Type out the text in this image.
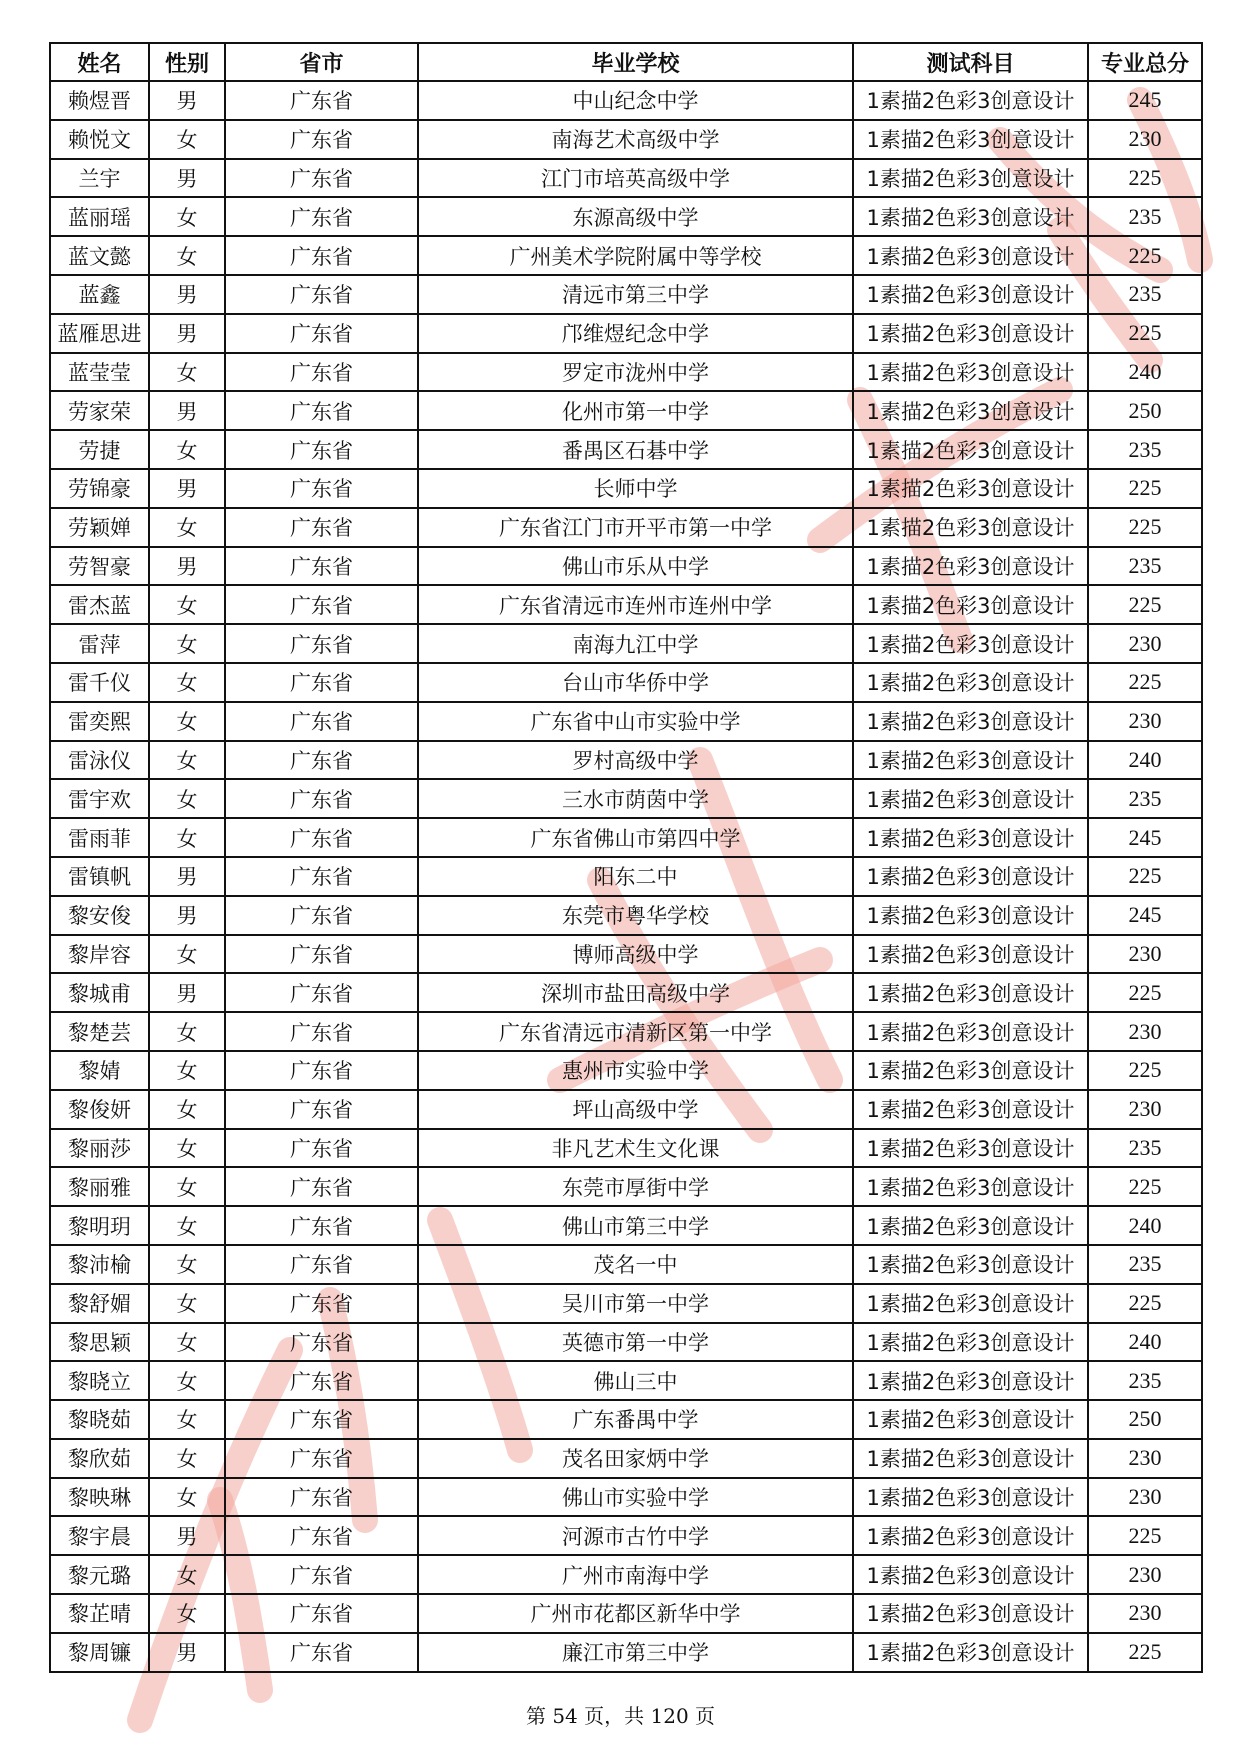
姓名	性别	省市	毕业学校	测试科目	专业总分
赖煜晋	男	广东省	中山纪念中学	1素描2色彩3创意设计	245
赖悦文	女	广东省	南海艺术高级中学	1素描2色彩3创意设计	230
兰宇	男	广东省	江门市培英高级中学	1素描2色彩3创意设计	225
蓝丽瑶	女	广东省	东源高级中学	1素描2色彩3创意设计	235
蓝文懿	女	广东省	广州美术学院附属中等学校	1素描2色彩3创意设计	225
蓝鑫	男	广东省	清远市第三中学	1素描2色彩3创意设计	235
蓝雁思进	男	广东省	邝维煜纪念中学	1素描2色彩3创意设计	225
蓝莹莹	女	广东省	罗定市泷州中学	1素描2色彩3创意设计	240
劳家荣	男	广东省	化州市第一中学	1素描2色彩3创意设计	250
劳捷	女	广东省	番禺区石碁中学	1素描2色彩3创意设计	235
劳锦豪	男	广东省	长师中学	1素描2色彩3创意设计	225
劳颖婵	女	广东省	广东省江门市开平市第一中学	1素描2色彩3创意设计	225
劳智豪	男	广东省	佛山市乐从中学	1素描2色彩3创意设计	235
雷杰蓝	女	广东省	广东省清远市连州市连州中学	1素描2色彩3创意设计	225
雷萍	女	广东省	南海九江中学	1素描2色彩3创意设计	230
雷千仪	女	广东省	台山市华侨中学	1素描2色彩3创意设计	225
雷奕熙	女	广东省	广东省中山市实验中学	1素描2色彩3创意设计	230
雷泳仪	女	广东省	罗村高级中学	1素描2色彩3创意设计	240
雷宇欢	女	广东省	三水市荫茵中学	1素描2色彩3创意设计	235
雷雨菲	女	广东省	广东省佛山市第四中学	1素描2色彩3创意设计	245
雷镇帆	男	广东省	阳东二中	1素描2色彩3创意设计	225
黎安俊	男	广东省	东莞市粤华学校	1素描2色彩3创意设计	245
黎岸容	女	广东省	博师高级中学	1素描2色彩3创意设计	230
黎城甫	男	广东省	深圳市盐田高级中学	1素描2色彩3创意设计	225
黎楚芸	女	广东省	广东省清远市清新区第一中学	1素描2色彩3创意设计	230
黎婧	女	广东省	惠州市实验中学	1素描2色彩3创意设计	225
黎俊妍	女	广东省	坪山高级中学	1素描2色彩3创意设计	230
黎丽莎	女	广东省	非凡艺术生文化课	1素描2色彩3创意设计	235
黎丽雅	女	广东省	东莞市厚街中学	1素描2色彩3创意设计	225
黎明玥	女	广东省	佛山市第三中学	1素描2色彩3创意设计	240
黎沛榆	女	广东省	茂名一中	1素描2色彩3创意设计	235
黎舒媚	女	广东省	吴川市第一中学	1素描2色彩3创意设计	225
黎思颖	女	广东省	英德市第一中学	1素描2色彩3创意设计	240
黎晓立	女	广东省	佛山三中	1素描2色彩3创意设计	235
黎晓茹	女	广东省	广东番禺中学	1素描2色彩3创意设计	250
黎欣茹	女	广东省	茂名田家炳中学	1素描2色彩3创意设计	230
黎映琳	女	广东省	佛山市实验中学	1素描2色彩3创意设计	230
黎宇晨	男	广东省	河源市古竹中学	1素描2色彩3创意设计	225
黎元璐	女	广东省	广州市南海中学	1素描2色彩3创意设计	230
黎芷晴	女	广东省	广州市花都区新华中学	1素描2色彩3创意设计	230
黎周镰	男	广东省	廉江市第三中学	1素描2色彩3创意设计	225
第 54 页，共 120 页
